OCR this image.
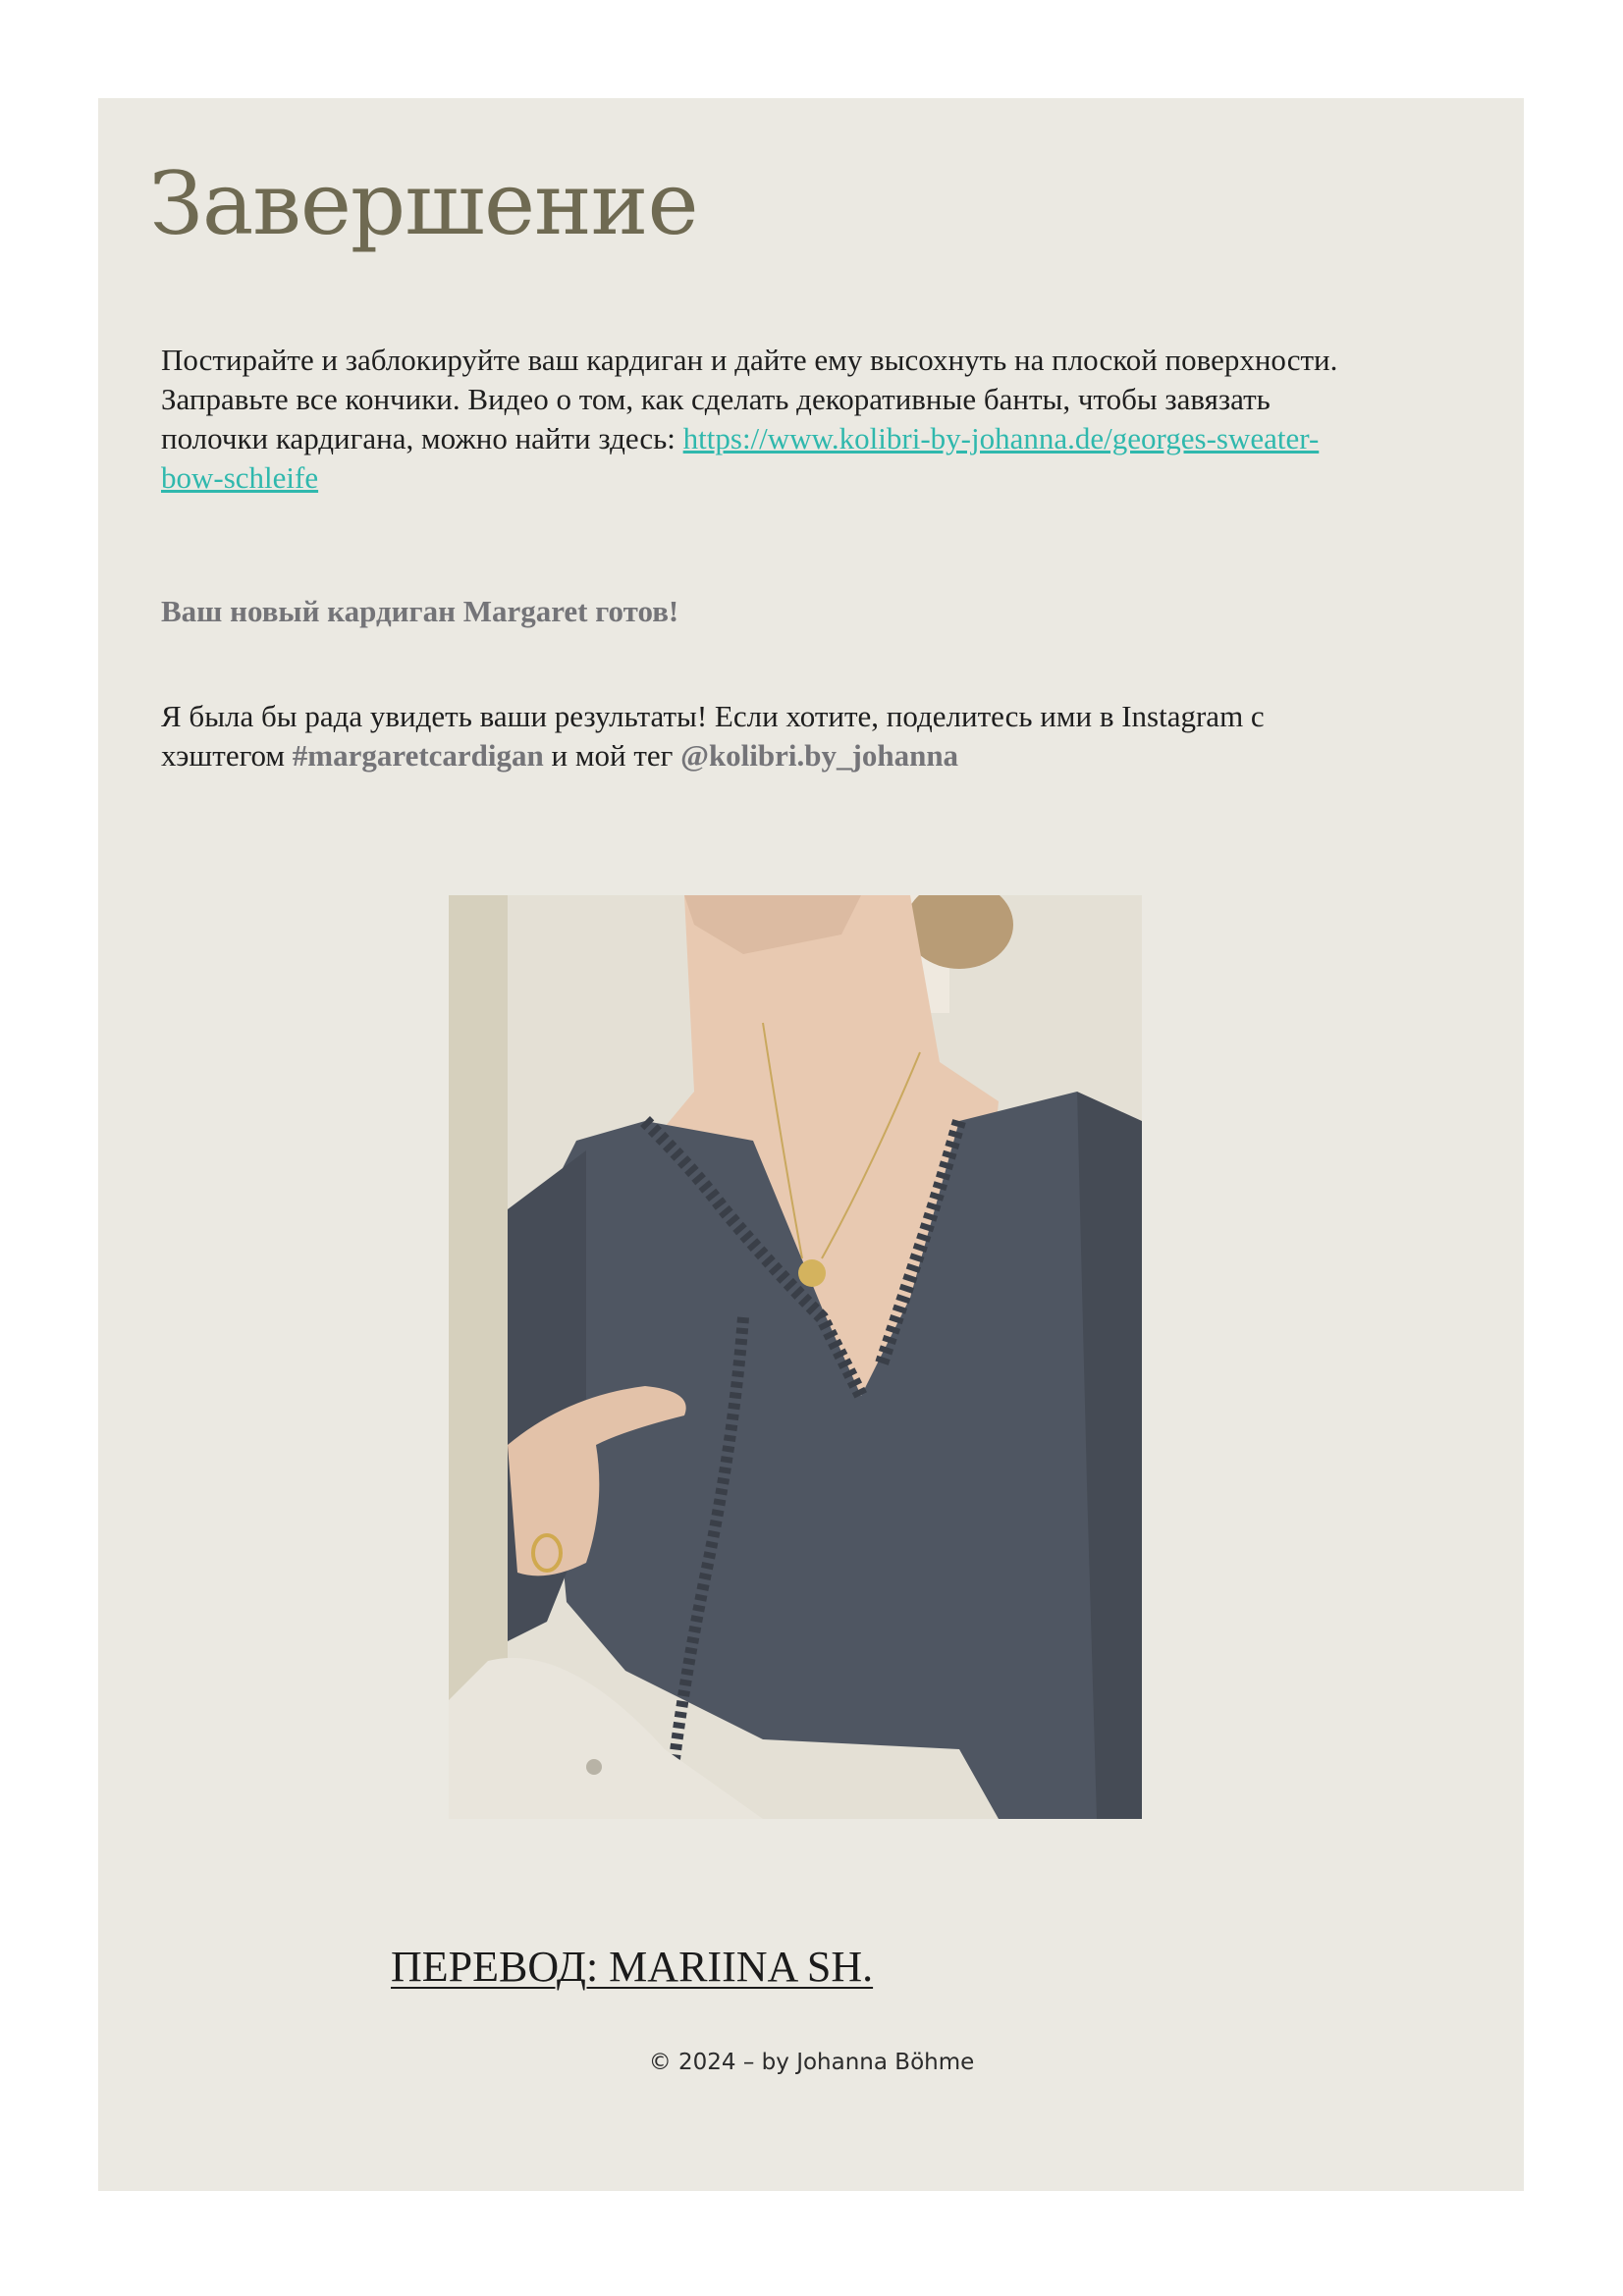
Завершение

Постирайте и заблокируйте ваш кардиган и дайте ему высохнуть на плоской поверхности. Заправьте все кончики. Видео о том, как сделать декоративные банты, чтобы завязать полочки кардигана, можно найти здесь: https://www.kolibri-by-johanna.de/georges-sweater-bow-schleife

Ваш новый кардиган Margaret готов!

Я была бы рада увидеть ваши результаты! Если хотите, поделитесь ими в Instagram с хэштегом #margaretcardigan и мой тег @kolibri.by_johanna

ПЕРЕВОД: MARIINA SH.

© 2024 – by Johanna Böhme
